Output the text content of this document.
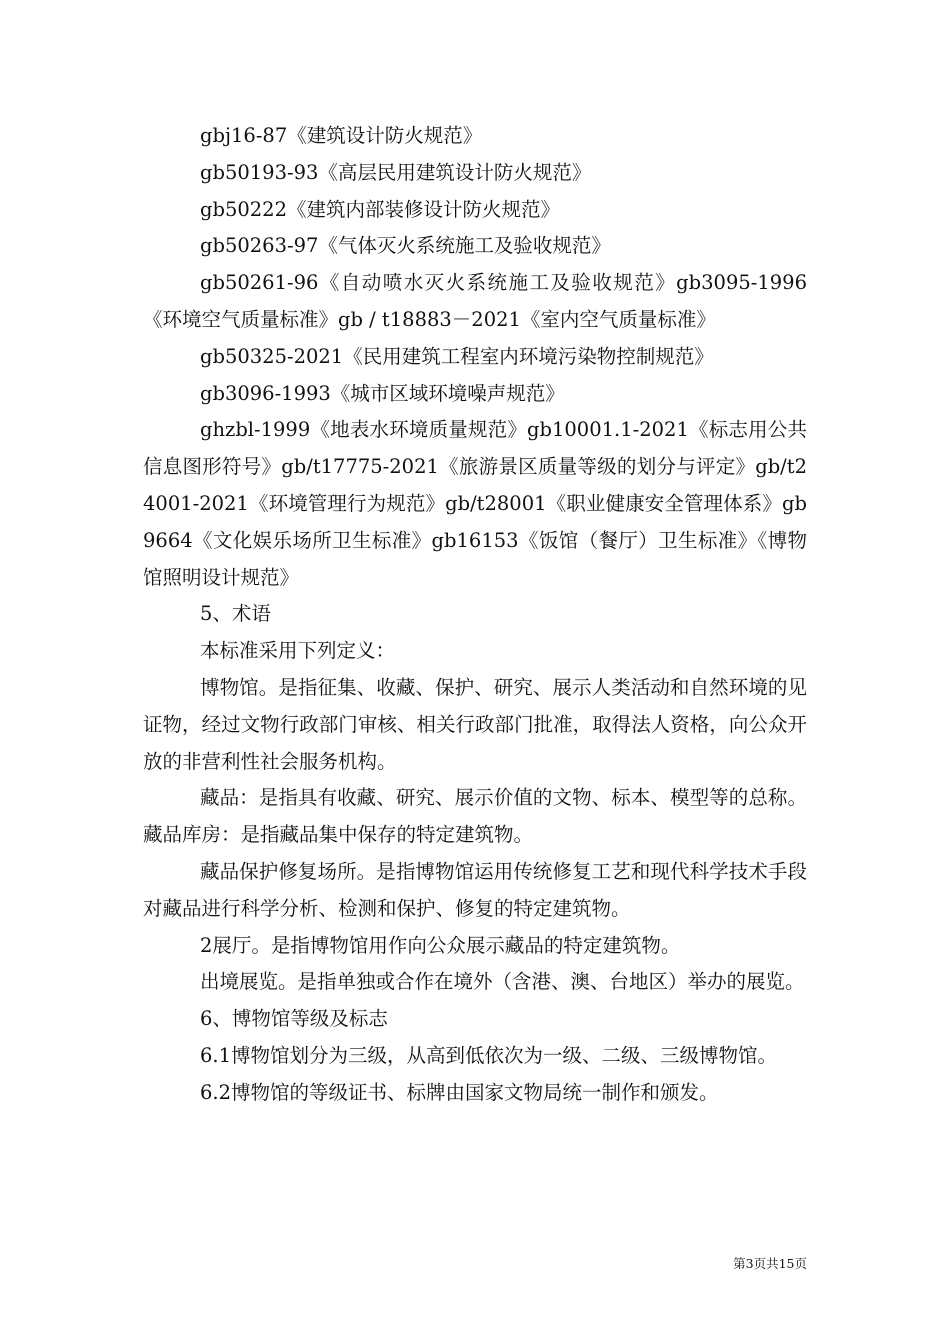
gbj16-87《建筑设计防火规范》

gb50193-93《高层民用建筑设计防火规范》

gb50222《建筑内部装修设计防火规范》

gb50263-97《气体灭火系统施工及验收规范》

gb50261-96《自动喷水灭火系统施工及验收规范》gb3095-1996《环境空气质量标准》gb / t18883－2021《室内空气质量标准》

gb50325-2021《民用建筑工程室内环境污染物控制规范》

gb3096-1993《城市区域环境噪声规范》

ghzbl-1999《地表水环境质量规范》gb10001.1-2021《标志用公共信息图形符号》gb/t17775-2021《旅游景区质量等级的划分与评定》gb/t24001-2021《环境管理行为规范》gb/t28001《职业健康安全管理体系》gb9664《文化娱乐场所卫生标准》gb16153《饭馆（餐厅）卫生标准》《博物馆照明设计规范》

5、术语

本标准采用下列定义：

博物馆。是指征集、收藏、保护、研究、展示人类活动和自然环境的见证物，经过文物行政部门审核、相关行政部门批准，取得法人资格，向公众开放的非营利性社会服务机构。

藏品：是指具有收藏、研究、展示价值的文物、标本、模型等的总称。藏品库房：是指藏品集中保存的特定建筑物。

藏品保护修复场所。是指博物馆运用传统修复工艺和现代科学技术手段对藏品进行科学分析、检测和保护、修复的特定建筑物。

2展厅。是指博物馆用作向公众展示藏品的特定建筑物。

出境展览。是指单独或合作在境外（含港、澳、台地区）举办的展览。

6、博物馆等级及标志

6.1博物馆划分为三级，从高到低依次为一级、二级、三级博物馆。

6.2博物馆的等级证书、标牌由国家文物局统一制作和颁发。

第3页共15页
